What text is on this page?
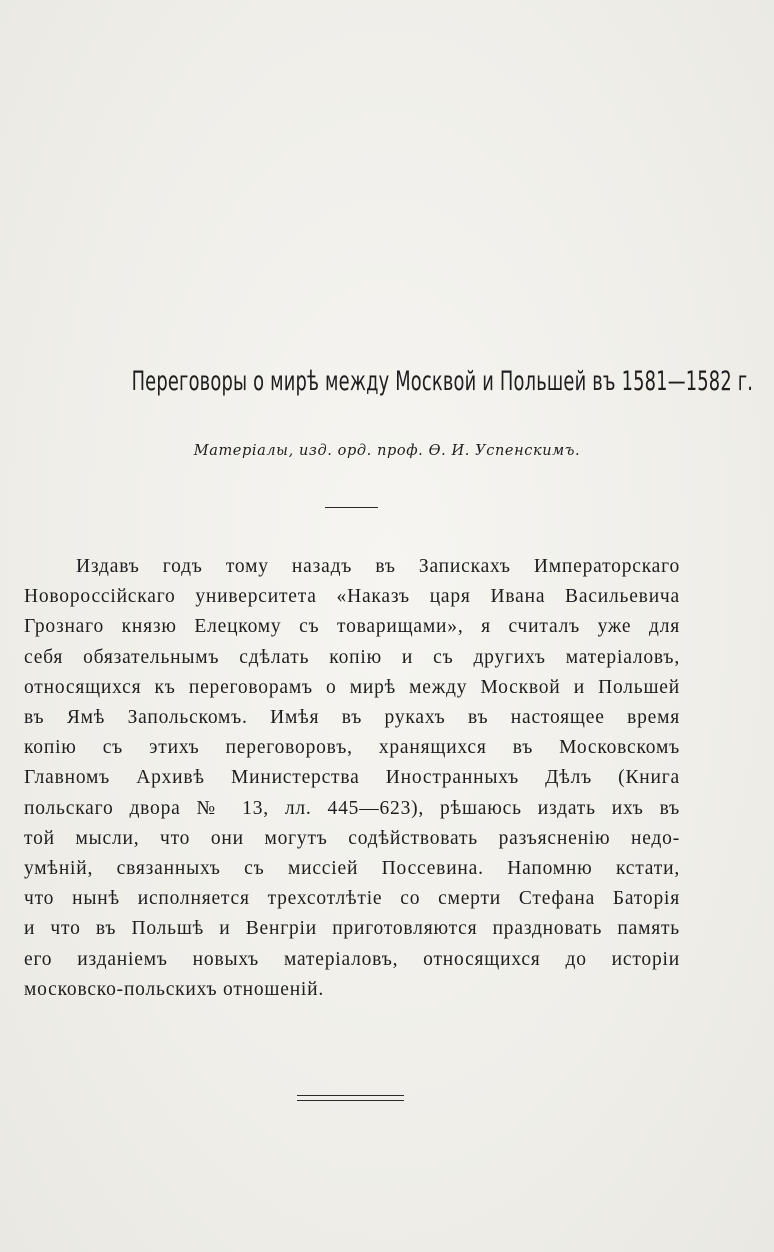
Переговоры о мирѣ между Москвой и Польшей въ 1581—1582 г.

Матеріалы, изд. орд. проф. Ѳ. И. Успенскимъ.

Издавъ годъ тому назадъ въ Запискахъ Императорскаго
Новороссійскаго университета «Наказъ царя Ивана Васильевича
Грознаго князю Елецкому съ товарищами», я считалъ уже для
себя обязательнымъ сдѣлать копію и съ другихъ матеріаловъ,
относящихся къ переговорамъ о мирѣ между Москвой и Польшей
въ Ямѣ Запольскомъ. Имѣя въ рукахъ въ настоящее время
копію съ этихъ переговоровъ, хранящихся въ Московскомъ
Главномъ Архивѣ Министерства Иностранныхъ Дѣлъ (Книга
польскаго двора № 13, лл. 445—623), рѣшаюсь издать ихъ въ
той мысли, что они могутъ содѣйствовать разъясненію недо-
умѣній, связанныхъ съ миссіей Поссевина. Напомню кстати,
что нынѣ исполняется трехсотлѣтіе со смерти Стефана Баторія
и что въ Польшѣ и Венгріи приготовляются праздновать память
его изданіемъ новыхъ матеріаловъ, относящихся до исторіи
московско-польскихъ отношеній.
